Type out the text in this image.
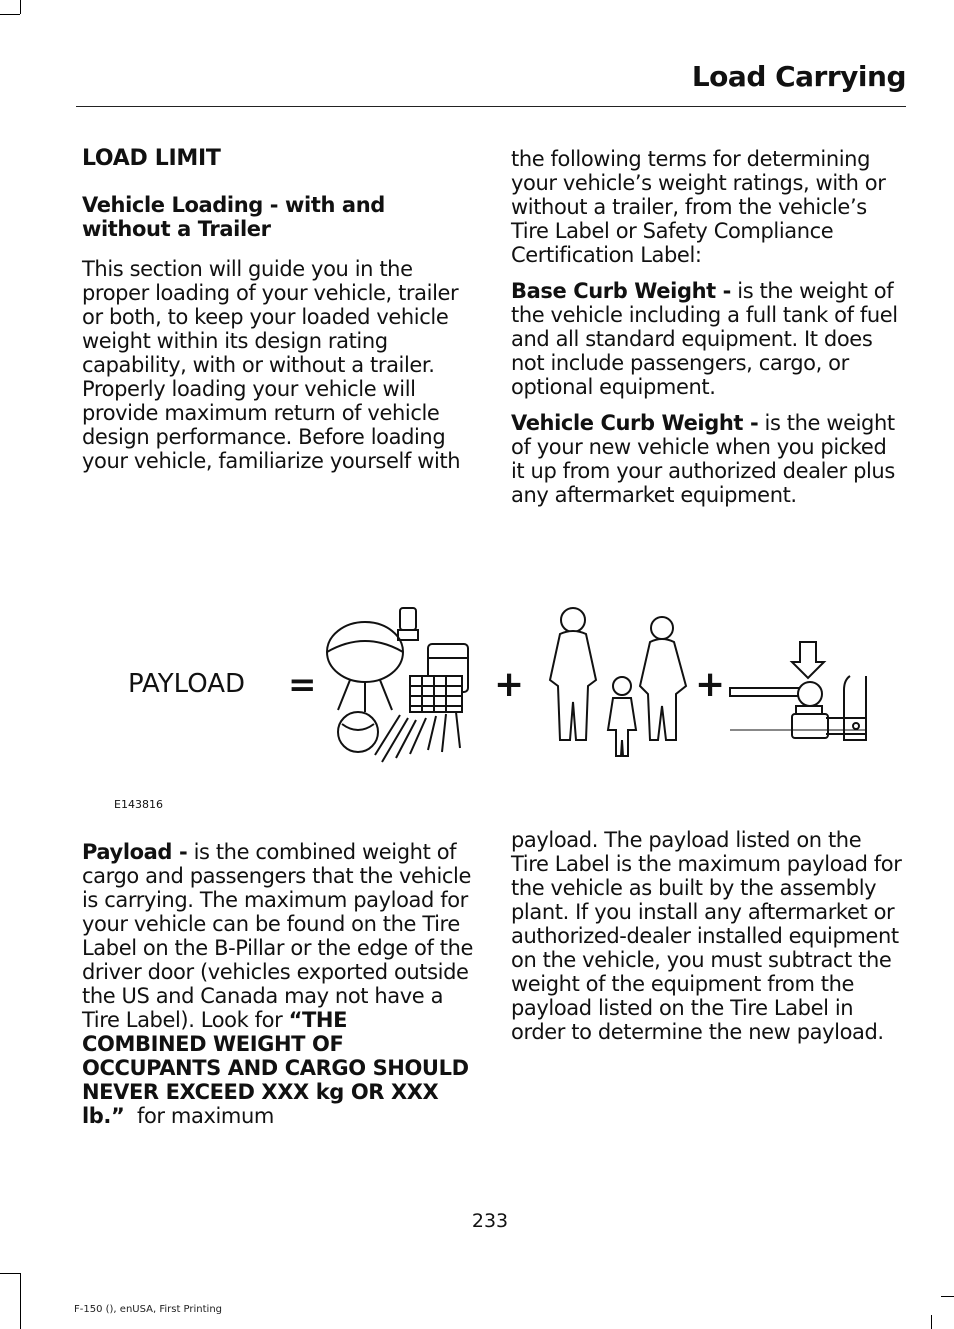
Load Carrying
LOAD LIMIT
Vehicle Loading - with and without a Trailer

This section will guide you in the proper loading of your vehicle, trailer or both, to keep your loaded vehicle weight within its design rating capability, with or without a trailer. Properly loading your vehicle will provide maximum return of vehicle design performance. Before loading your vehicle, familiarize yourself with

the following terms for determining your vehicle’s weight ratings, with or without a trailer, from the vehicle’s Tire Label or Safety Compliance Certification Label:

Base Curb Weight - is the weight of the vehicle including a full tank of fuel and all standard equipment. It does not include passengers, cargo, or optional equipment.

Vehicle Curb Weight - is the weight of your new vehicle when you picked it up from your authorized dealer plus any aftermarket equipment.

PAYLOAD =	+	+
E143816

Payload - is the combined weight of cargo and passengers that the vehicle is carrying. The maximum payload for your vehicle can be found on the Tire Label on the B-Pillar or the edge of the driver door (vehicles exported outside the US and Canada may not have a Tire Label). Look for “THE COMBINED WEIGHT OF OCCUPANTS AND CARGO SHOULD NEVER EXCEED XXX kg OR XXX lb.”  for maximum

payload. The payload listed on the Tire Label is the maximum payload for the vehicle as built by the assembly plant. If you install any aftermarket or authorized-dealer installed equipment on the vehicle, you must subtract the weight of the equipment from the payload listed on the Tire Label in order to determine the new payload.

233
F-150 (), enUSA, First Printing
